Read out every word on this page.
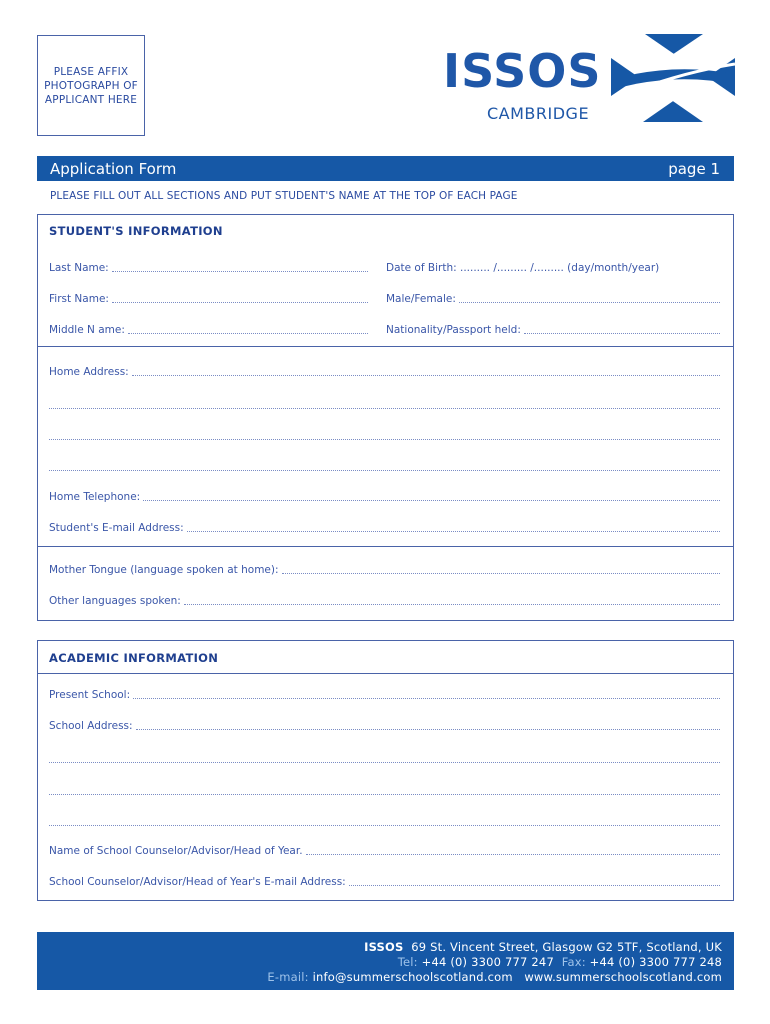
PLEASE AFFIX
PHOTOGRAPH OF
APPLICANT HERE
ISSOS
CAMBRIDGE
Application Form	page 1
PLEASE FILL OUT ALL SECTIONS AND PUT STUDENT'S NAME AT THE TOP OF EACH PAGE
STUDENT'S INFORMATION
Last Name:	Date of Birth: ......... /......... /......... (day/month/year)
First Name:	Male/Female:
Middle N ame:	Nationality/Passport held:
Home Address:
Home Telephone:
Student's E-mail Address:
Mother Tongue (language spoken at home):
Other languages spoken:
ACADEMIC INFORMATION
Present School:
School Address:
Name of School Counselor/Advisor/Head of Year.
School Counselor/Advisor/Head of Year's E-mail Address:
ISSOS 69 St. Vincent Street, Glasgow G2 5TF, Scotland, UK
Tel: +44 (0) 3300 777 247 Fax: +44 (0) 3300 777 248
E-mail: info@summerschoolscotland.com www.summerschoolscotland.com
